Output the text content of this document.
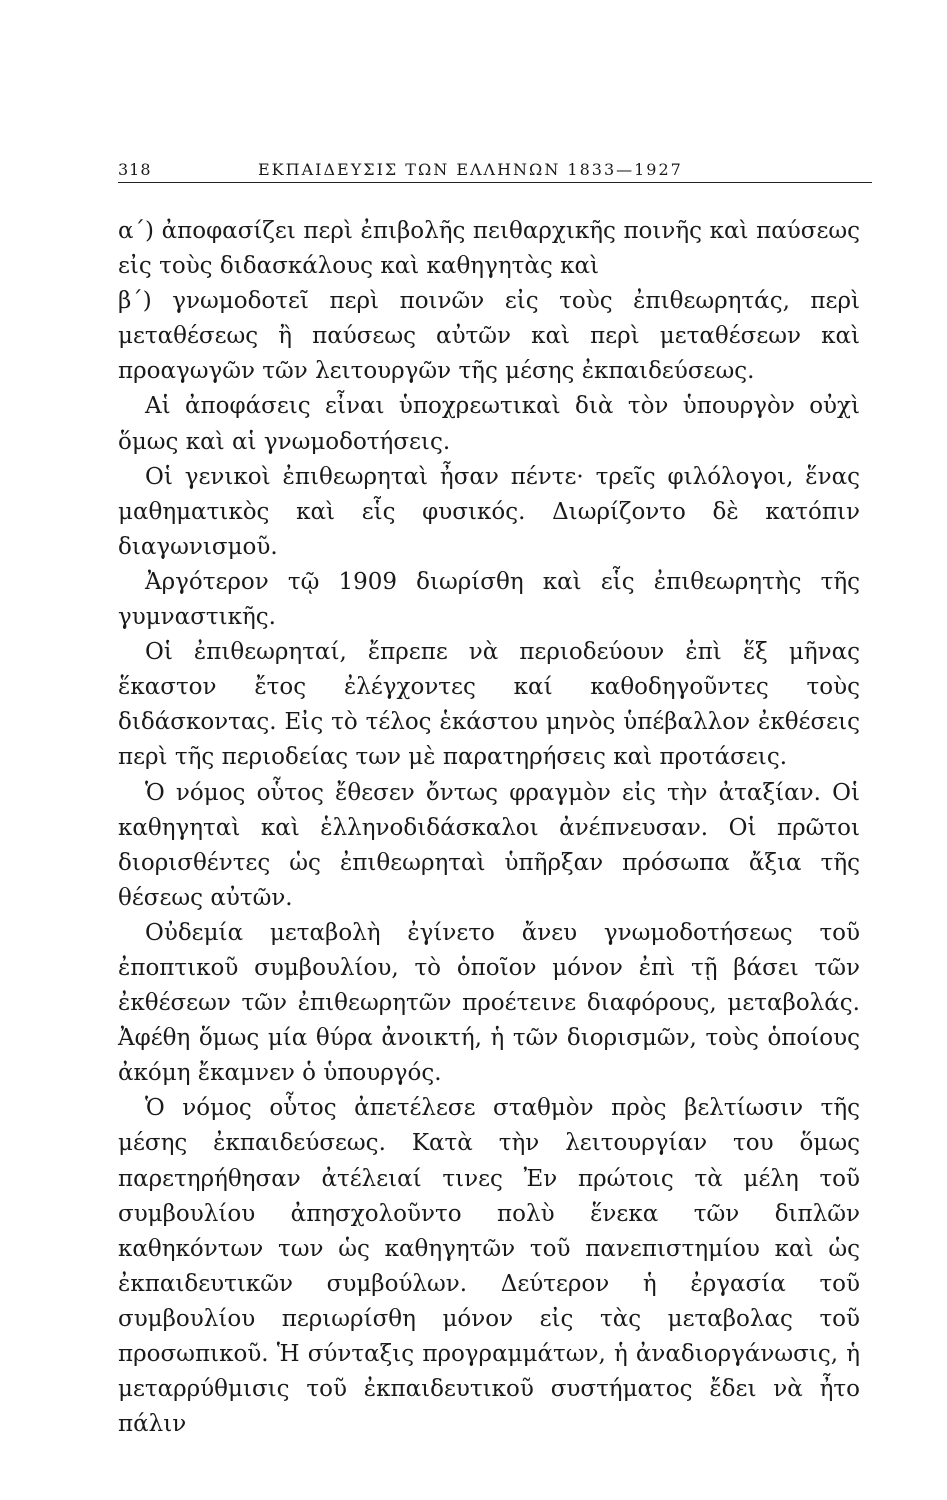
318	ΕΚΠΑΙΔΕΥΣΙΣ ΤΩΝ ΕΛΛΗΝΩΝ 1833—1927

α΄) ἀποφασίζει περὶ ἐπιβολῆς πειθαρχικῆς ποινῆς καὶ παύσεως εἰς τοὺς διδασκάλους καὶ καθηγητὰς καὶ

β΄) γνωμοδοτεῖ περὶ ποινῶν εἰς τοὺς ἐπιθεωρητάς, περὶ μεταθέσεως ἢ παύσεως αὐτῶν καὶ περὶ μεταθέσεων καὶ προαγωγῶν τῶν λειτουργῶν τῆς μέσης ἐκπαιδεύσεως.

Αἱ ἀποφάσεις εἶναι ὑποχρεωτικαὶ διὰ τὸν ὑπουργὸν οὐχὶ ὅμως καὶ αἱ γνωμοδοτήσεις.

Οἱ γενικοὶ ἐπιθεωρηταὶ ἦσαν πέντε· τρεῖς φιλόλογοι, ἕνας μαθηματικὸς καὶ εἷς φυσικός. Διωρίζοντο δὲ κατόπιν διαγωνισμοῦ.

Ἀργότερον τῷ 1909 διωρίσθη καὶ εἷς ἐπιθεωρητὴς τῆς γυμναστικῆς.

Οἱ ἐπιθεωρηταί, ἔπρεπε νὰ περιοδεύουν ἐπὶ ἕξ μῆνας ἕκαστον ἔτος ἐλέγχοντες καί καθοδηγοῦντες τοὺς διδάσκοντας. Εἰς τὸ τέλος ἑκάστου μηνὸς ὑπέβαλλον ἐκθέσεις περὶ τῆς περιοδείας των μὲ παρατηρήσεις καὶ προτάσεις.

Ὁ νόμος οὗτος ἔθεσεν ὄντως φραγμὸν εἰς τὴν ἀταξίαν. Οἱ καθηγηταὶ καὶ ἑλληνοδιδάσκαλοι ἀνέπνευσαν. Οἱ πρῶτοι διορισθέντες ὡς ἐπιθεωρηταὶ ὑπῆρξαν πρόσωπα ἄξια τῆς θέσεως αὐτῶν.

Οὐδεμία μεταβολὴ ἐγίνετο ἄνευ γνωμοδοτήσεως τοῦ ἐποπτικοῦ συμβουλίου, τὸ ὁποῖον μόνον ἐπὶ τῇ βάσει τῶν ἐκθέσεων τῶν ἐπιθεωρητῶν προέτεινε διαφόρους, μεταβολάς. Ἀφέθη ὅμως μία θύρα ἀνοικτή, ἡ τῶν διορισμῶν, τοὺς ὁποίους ἀκόμη ἔκαμνεν ὁ ὑπουργός.

Ὁ νόμος οὗτος ἀπετέλεσε σταθμὸν πρὸς βελτίωσιν τῆς μέσης ἐκπαιδεύσεως. Κατὰ τὴν λειτουργίαν του ὅμως παρετηρήθησαν ἀτέλειαί τινες Ἐν πρώτοις τὰ μέλη τοῦ συμβουλίου ἀπησχολοῦντο πολὺ ἕνεκα τῶν διπλῶν καθηκόντων των ὡς καθηγητῶν τοῦ πανεπιστημίου καὶ ὡς ἐκπαιδευτικῶν συμβούλων. Δεύτερον ἡ ἐργασία τοῦ συμβουλίου περιωρίσθη μόνον εἰς τὰς μεταβολας τοῦ προσωπικοῦ. Ἡ σύνταξις προγραμμάτων, ἡ ἀναδιοργάνωσις, ἡ μεταρρύθμισις τοῦ ἐκπαιδευτικοῦ συστήματος ἔδει νὰ ἦτο πάλιν
